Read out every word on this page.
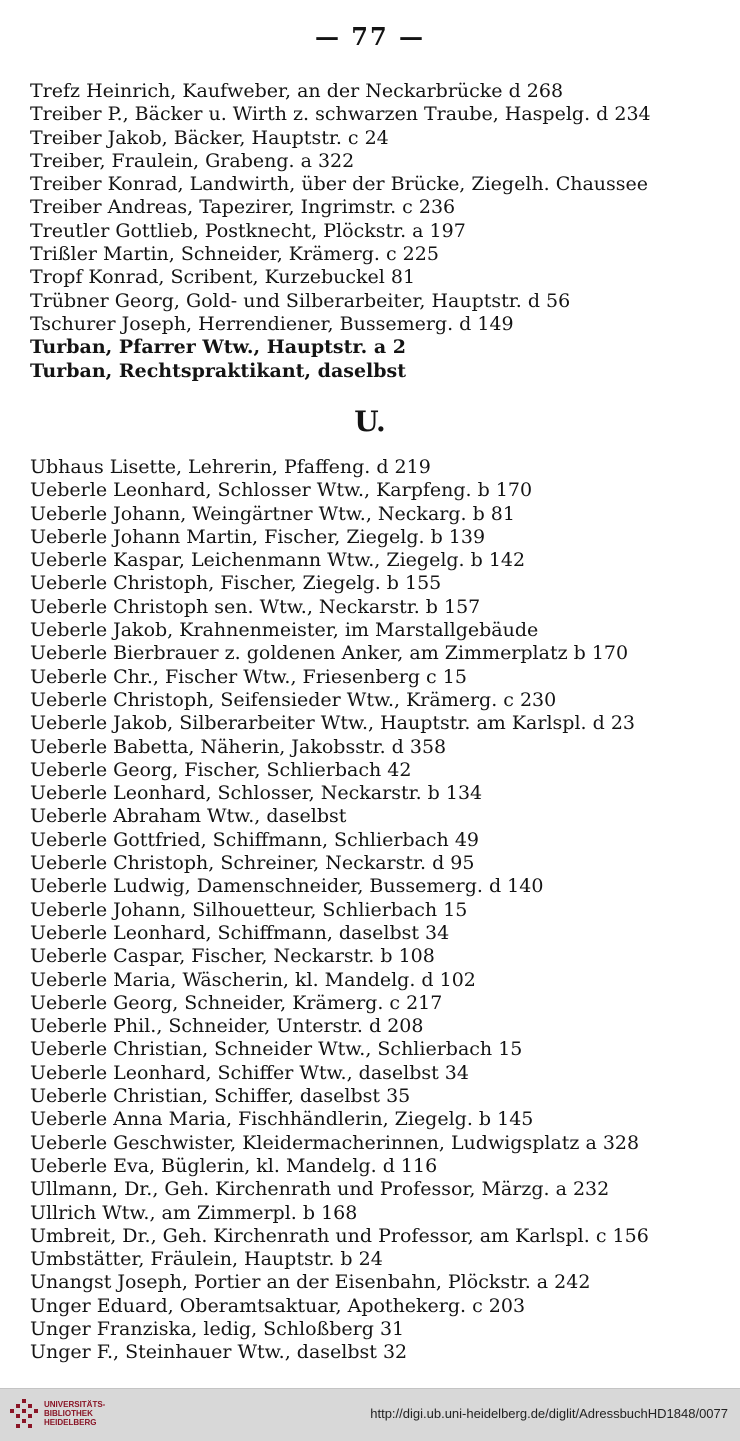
— 77 —
Trefz Heinrich, Kaufweber, an der Neckarbrücke d 268
Treiber P., Bäcker u. Wirth z. schwarzen Traube, Haspelg. d 234
Treiber Jakob, Bäcker, Hauptstr. c 24
Treiber, Fraulein, Grabeng. a 322
Treiber Konrad, Landwirth, über der Brücke, Ziegelh. Chaussee
Treiber Andreas, Tapezirer, Ingrimstr. c 236
Treutler Gottlieb, Postknecht, Plöckstr. a 197
Trißler Martin, Schneider, Krämerg. c 225
Tropf Konrad, Scribent, Kurzebuckel 81
Trübner Georg, Gold- und Silberarbeiter, Hauptstr. d 56
Tschurer Joseph, Herrendiener, Bussemerg. d 149
Turban, Pfarrer Wtw., Hauptstr. a 2
Turban, Rechtspraktikant, daselbst
U.
Ubhaus Lisette, Lehrerin, Pfaffeng. d 219
Ueberle Leonhard, Schlosser Wtw., Karpfeng. b 170
Ueberle Johann, Weingärtner Wtw., Neckarg. b 81
Ueberle Johann Martin, Fischer, Ziegelg. b 139
Ueberle Kaspar, Leichenmann Wtw., Ziegelg. b 142
Ueberle Christoph, Fischer, Ziegelg. b 155
Ueberle Christoph sen. Wtw., Neckarstr. b 157
Ueberle Jakob, Krahnenmeister, im Marstallgebäude
Ueberle Bierbrauer z. goldenen Anker, am Zimmerplatz b 170
Ueberle Chr., Fischer Wtw., Friesenberg c 15
Ueberle Christoph, Seifensieder Wtw., Krämerg. c 230
Ueberle Jakob, Silberarbeiter Wtw., Hauptstr. am Karlspl. d 23
Ueberle Babetta, Näherin, Jakobsstr. d 358
Ueberle Georg, Fischer, Schlierbach 42
Ueberle Leonhard, Schlosser, Neckarstr. b 134
Ueberle Abraham Wtw., daselbst
Ueberle Gottfried, Schiffmann, Schlierbach 49
Ueberle Christoph, Schreiner, Neckarstr. d 95
Ueberle Ludwig, Damenschneider, Bussemerg. d 140
Ueberle Johann, Silhouetteur, Schlierbach 15
Ueberle Leonhard, Schiffmann, daselbst 34
Ueberle Caspar, Fischer, Neckarstr. b 108
Ueberle Maria, Wäscherin, kl. Mandelg. d 102
Ueberle Georg, Schneider, Krämerg. c 217
Ueberle Phil., Schneider, Unterstr. d 208
Ueberle Christian, Schneider Wtw., Schlierbach 15
Ueberle Leonhard, Schiffer Wtw., daselbst 34
Ueberle Christian, Schiffer, daselbst 35
Ueberle Anna Maria, Fischhändlerin, Ziegelg. b 145
Ueberle Geschwister, Kleidermacherinnen, Ludwigsplatz a 328
Ueberle Eva, Büglerin, kl. Mandelg. d 116
Ullmann, Dr., Geh. Kirchenrath und Professor, Märzg. a 232
Ullrich Wtw., am Zimmerpl. b 168
Umbreit, Dr., Geh. Kirchenrath und Professor, am Karlspl. c 156
Umbstätter, Fräulein, Hauptstr. b 24
Unangst Joseph, Portier an der Eisenbahn, Plöckstr. a 242
Unger Eduard, Oberamtsaktuar, Apothekerg. c 203
Unger Franziska, ledig, Schloßberg 31
Unger F., Steinhauer Wtw., daselbst 32
UNIVERSITÄTS-
BIBLIOTHEK
HEIDELBERG
http://digi.ub.uni-heidelberg.de/diglit/AdressbuchHD1848/0077
